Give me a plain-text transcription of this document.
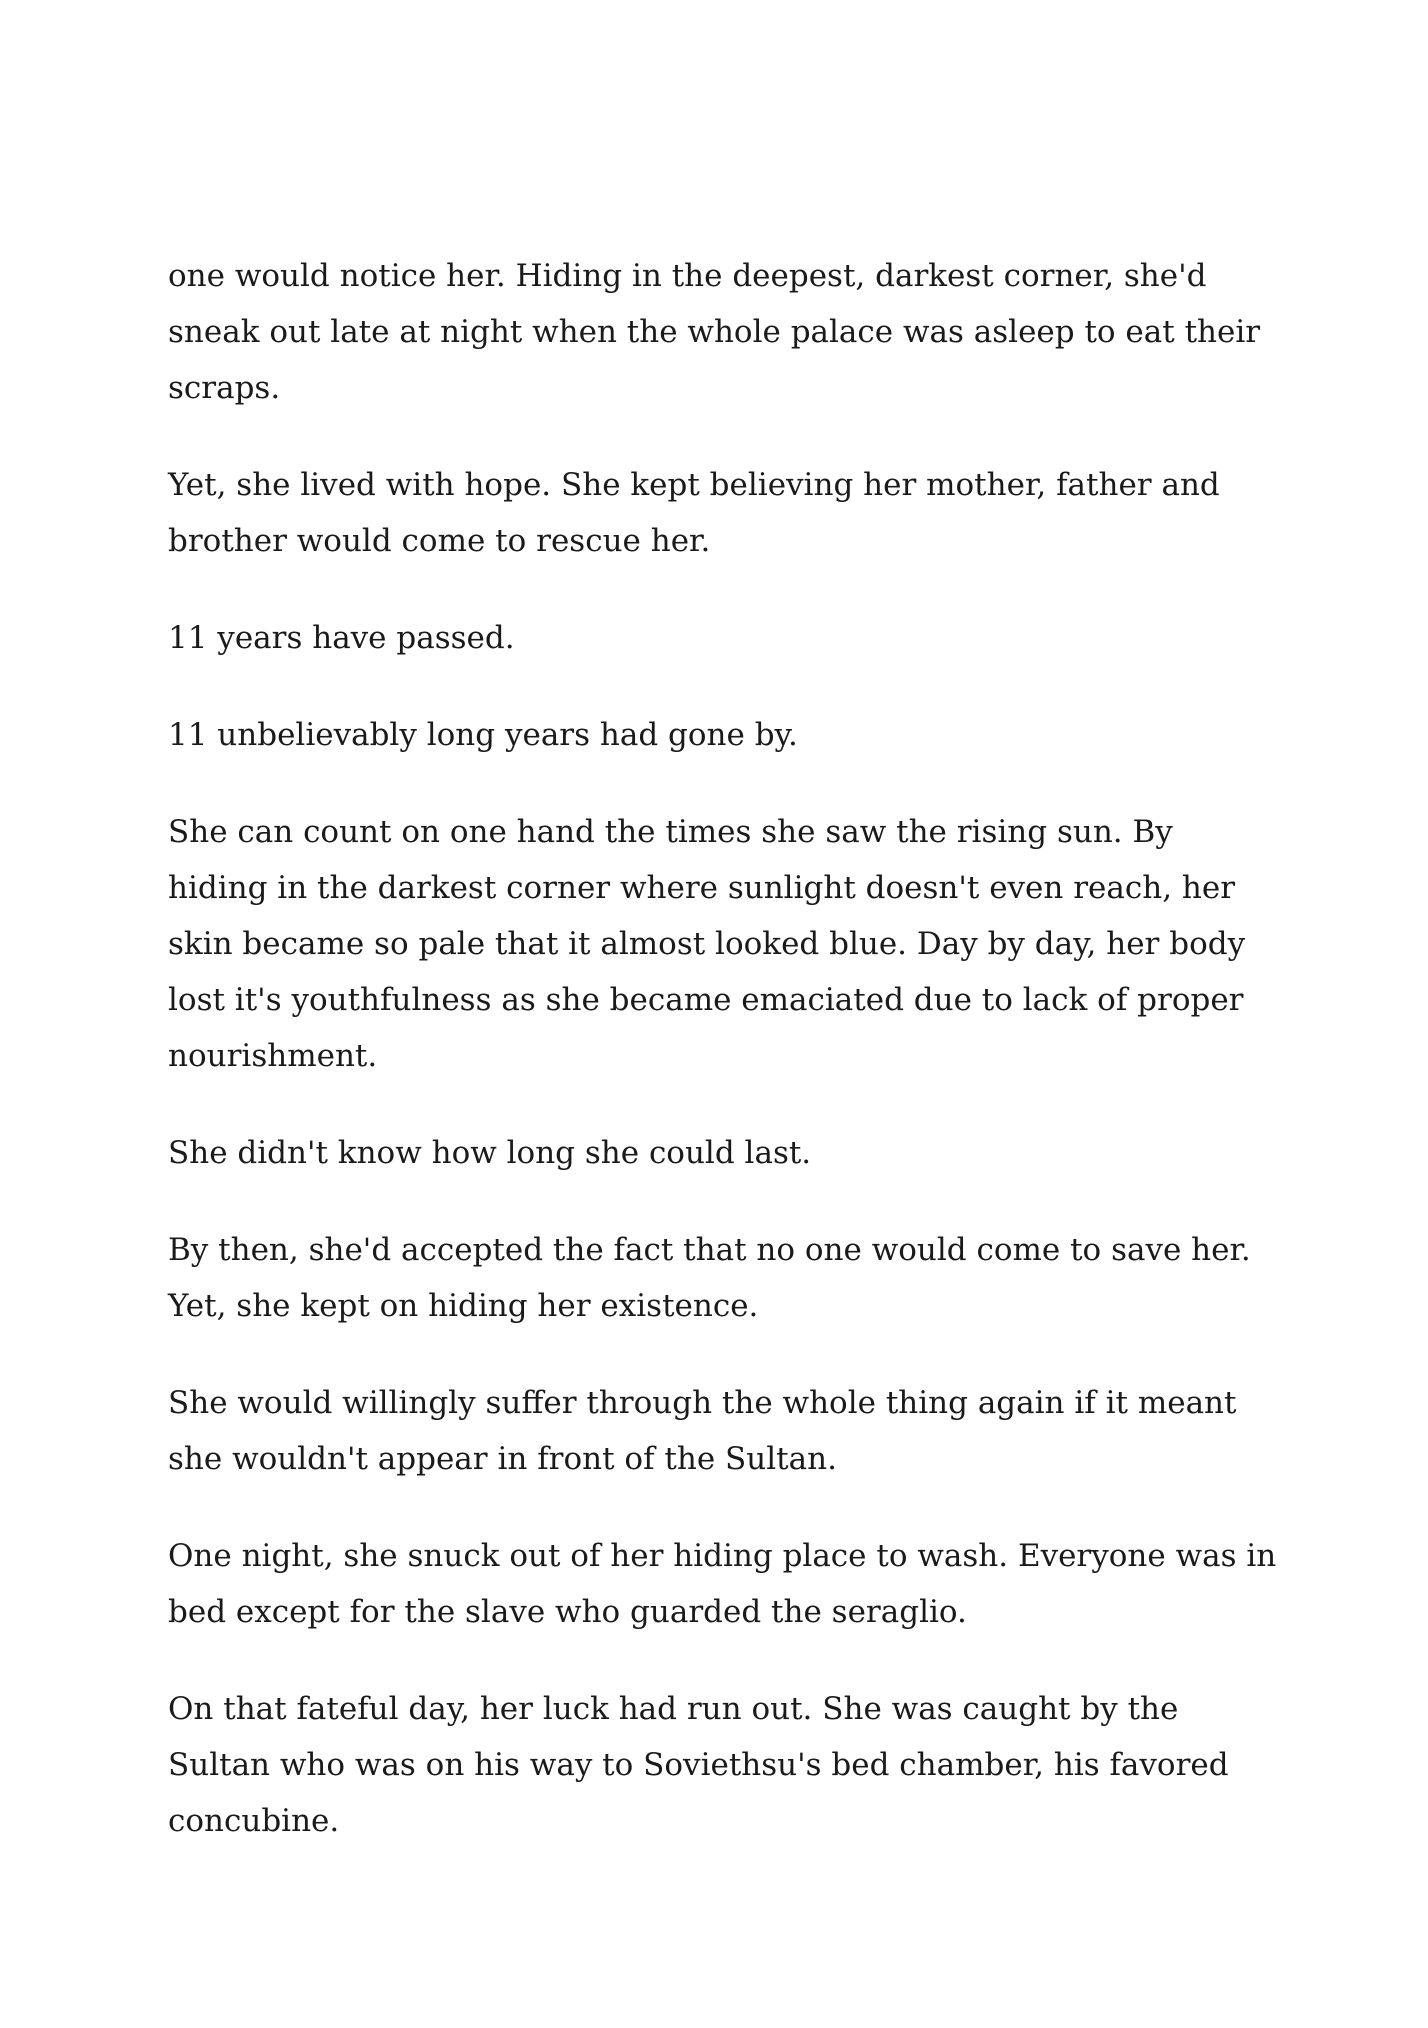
one would notice her. Hiding in the deepest, darkest corner, she'd sneak out late at night when the whole palace was asleep to eat their scraps.

Yet, she lived with hope. She kept believing her mother, father and brother would come to rescue her.

11 years have passed.

11 unbelievably long years had gone by.

She can count on one hand the times she saw the rising sun. By hiding in the darkest corner where sunlight doesn't even reach, her skin became so pale that it almost looked blue. Day by day, her body lost it's youthfulness as she became emaciated due to lack of proper nourishment.

She didn't know how long she could last.

By then, she'd accepted the fact that no one would come to save her. Yet, she kept on hiding her existence.

She would willingly suffer through the whole thing again if it meant she wouldn't appear in front of the Sultan.

One night, she snuck out of her hiding place to wash. Everyone was in bed except for the slave who guarded the seraglio.

On that fateful day, her luck had run out. She was caught by the Sultan who was on his way to Soviethsu's bed chamber, his favored concubine.
